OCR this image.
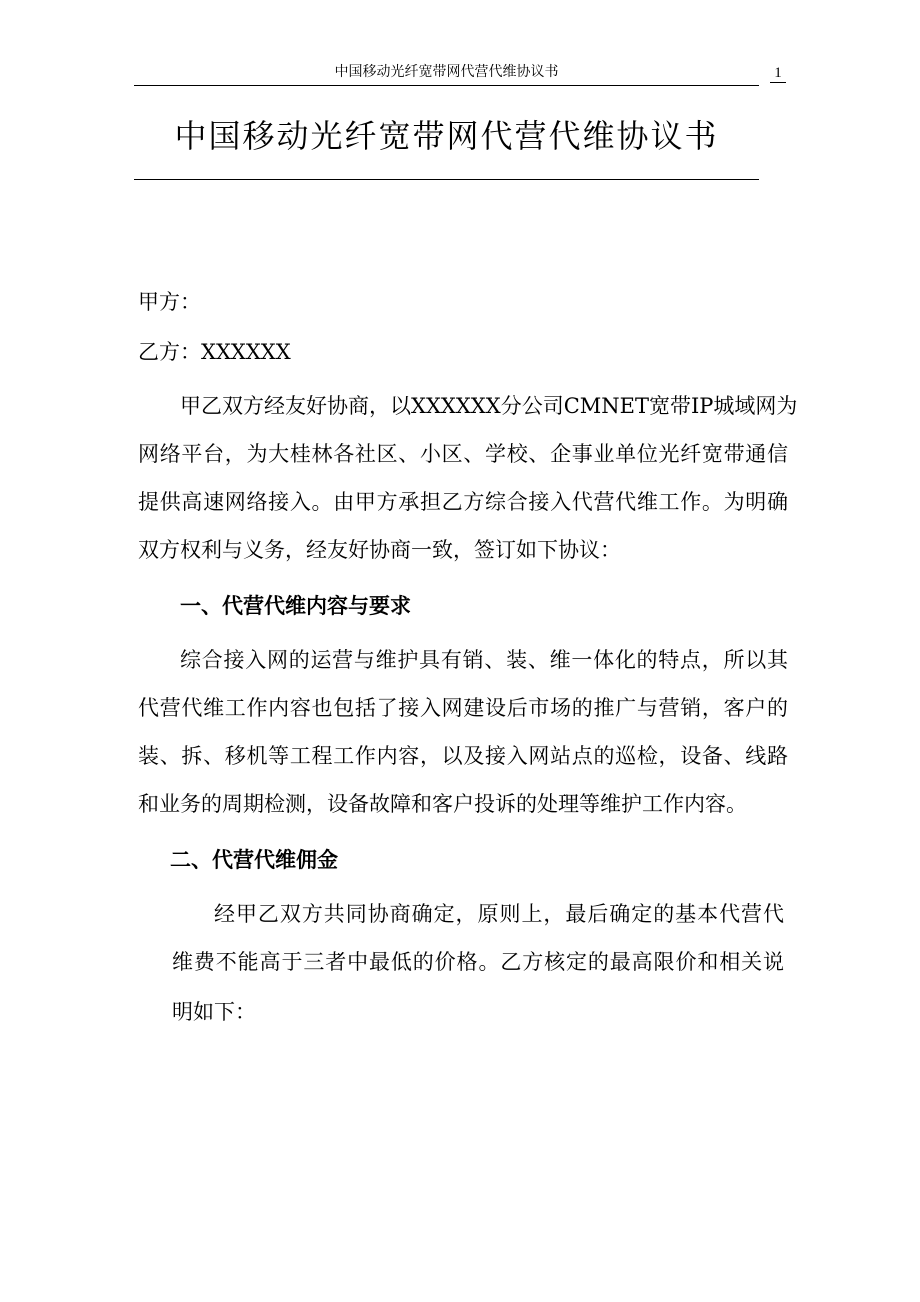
中国移动光纤宽带网代营代维协议书	1
中国移动光纤宽带网代营代维协议书
甲方：
乙方：XXXXXX
甲乙双方经友好协商，以XXXXXX分公司CMNET宽带IP城域网为
网络平台，为大桂林各社区、小区、学校、企事业单位光纤宽带通信
提供高速网络接入。由甲方承担乙方综合接入代营代维工作。为明确
双方权利与义务，经友好协商一致，签订如下协议：
一、代营代维内容与要求
综合接入网的运营与维护具有销、装、维一体化的特点，所以其
代营代维工作内容也包括了接入网建设后市场的推广与营销，客户的
装、拆、移机等工程工作内容，以及接入网站点的巡检，设备、线路
和业务的周期检测，设备故障和客户投诉的处理等维护工作内容。
二、代营代维佣金
经甲乙双方共同协商确定，原则上，最后确定的基本代营代
维费不能高于三者中最低的价格。乙方核定的最高限价和相关说
明如下：
